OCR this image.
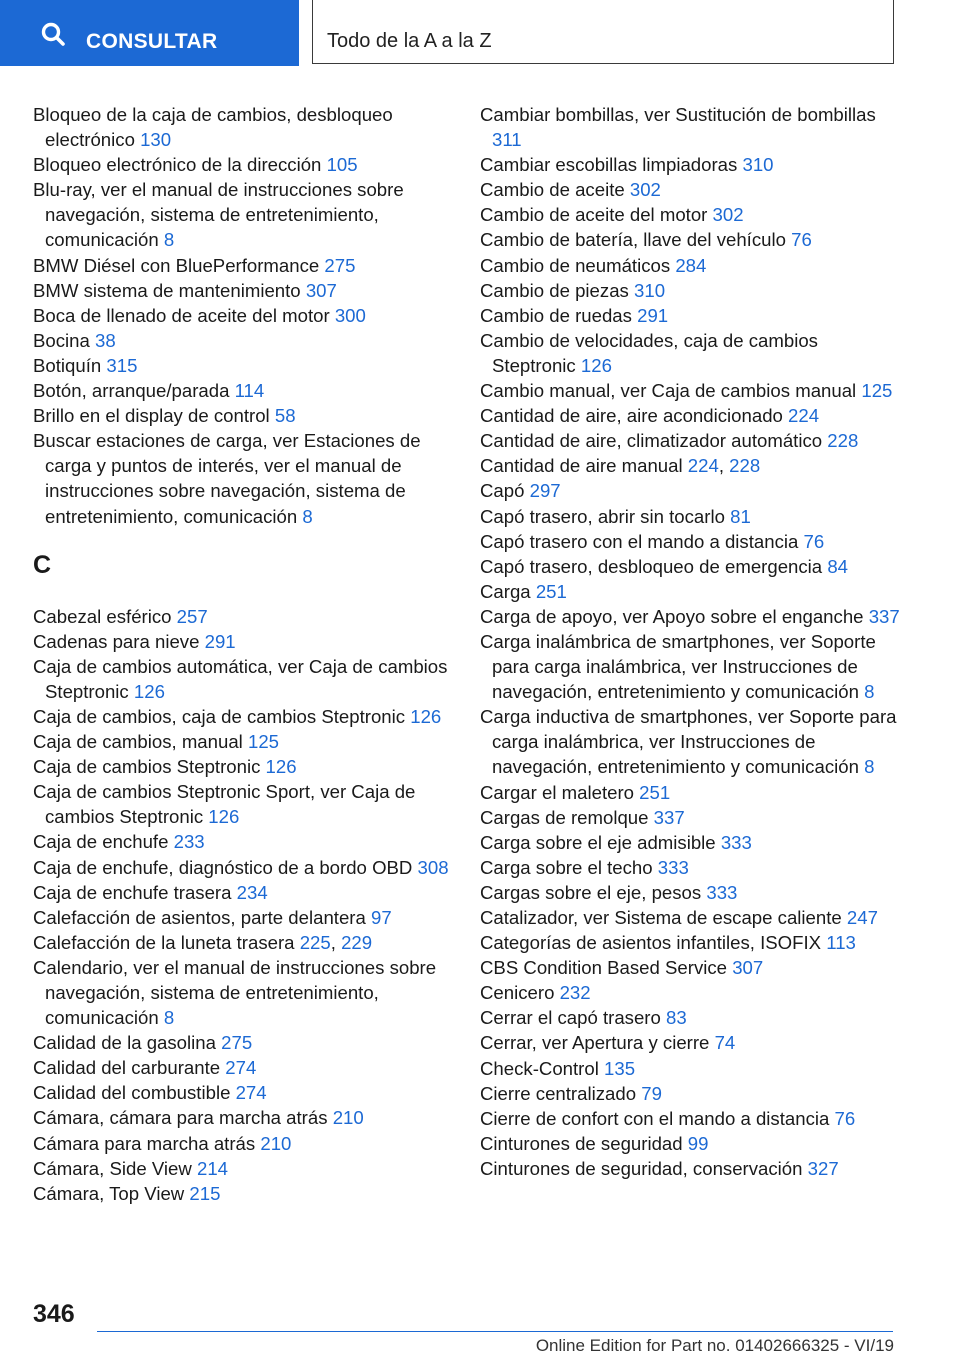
CONSULTAR	Todo de la A a la Z
Bloqueo de la caja de cambios, desbloqueo electrónico 130
Bloqueo electrónico de la dirección 105
Blu-ray, ver el manual de instrucciones sobre navegación, sistema de entretenimiento, comunicación 8
BMW Diésel con BluePerformance 275
BMW sistema de mantenimiento 307
Boca de llenado de aceite del motor 300
Bocina 38
Botiquín 315
Botón, arranque/parada 114
Brillo en el display de control 58
Buscar estaciones de carga, ver Estaciones de carga y puntos de interés, ver el manual de instrucciones sobre navegación, sistema de entretenimiento, comunicación 8
C
Cabezal esférico 257
Cadenas para nieve 291
Caja de cambios automática, ver Caja de cambios Steptronic 126
Caja de cambios, caja de cambios Steptronic 126
Caja de cambios, manual 125
Caja de cambios Steptronic 126
Caja de cambios Steptronic Sport, ver Caja de cambios Steptronic 126
Caja de enchufe 233
Caja de enchufe, diagnóstico de a bordo OBD 308
Caja de enchufe trasera 234
Calefacción de asientos, parte delantera 97
Calefacción de la luneta trasera 225, 229
Calendario, ver el manual de instrucciones sobre navegación, sistema de entretenimiento, comunicación 8
Calidad de la gasolina 275
Calidad del carburante 274
Calidad del combustible 274
Cámara, cámara para marcha atrás 210
Cámara para marcha atrás 210
Cámara, Side View 214
Cámara, Top View 215
Cambiar bombillas, ver Sustitución de bombillas 311
Cambiar escobillas limpiadoras 310
Cambio de aceite 302
Cambio de aceite del motor 302
Cambio de batería, llave del vehículo 76
Cambio de neumáticos 284
Cambio de piezas 310
Cambio de ruedas 291
Cambio de velocidades, caja de cambios Steptronic 126
Cambio manual, ver Caja de cambios manual 125
Cantidad de aire, aire acondicionado 224
Cantidad de aire, climatizador automático 228
Cantidad de aire manual 224, 228
Capó 297
Capó trasero, abrir sin tocarlo 81
Capó trasero con el mando a distancia 76
Capó trasero, desbloqueo de emergencia 84
Carga 251
Carga de apoyo, ver Apoyo sobre el enganche 337
Carga inalámbrica de smartphones, ver Soporte para carga inalámbrica, ver Instrucciones de navegación, entretenimiento y comunicación 8
Carga inductiva de smartphones, ver Soporte para carga inalámbrica, ver Instrucciones de navegación, entretenimiento y comunicación 8
Cargar el maletero 251
Cargas de remolque 337
Carga sobre el eje admisible 333
Carga sobre el techo 333
Cargas sobre el eje, pesos 333
Catalizador, ver Sistema de escape caliente 247
Categorías de asientos infantiles, ISOFIX 113
CBS Condition Based Service 307
Cenicero 232
Cerrar el capó trasero 83
Cerrar, ver Apertura y cierre 74
Check-Control 135
Cierre centralizado 79
Cierre de confort con el mando a distancia 76
Cinturones de seguridad 99
Cinturones de seguridad, conservación 327
346
Online Edition for Part no. 01402666325 - VI/19
